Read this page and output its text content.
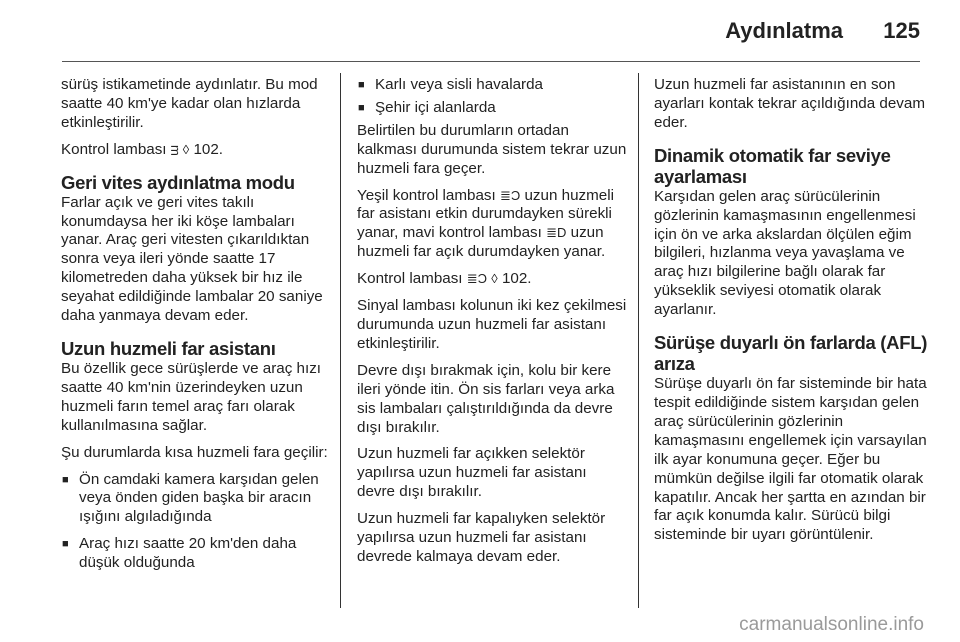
Aydınlatma 125

sürüş istikametinde aydınlatır. Bu mod saatte 40 km'ye kadar olan hızlarda etkinleştirilir.

Kontrol lambası ᴟ ◊ 102.

Geri vites aydınlatma modu

Farlar açık ve geri vites takılı konumdaysa her iki köşe lambaları yanar. Araç geri vitesten çıkarıldıktan sonra veya ileri yönde saatte 17 kilometreden daha yüksek bir hız ile seyahat edildiğinde lambalar 20 saniye daha yanmaya devam eder.

Uzun huzmeli far asistanı

Bu özellik gece sürüşlerde ve araç hızı saatte 40 km'nin üzerindeyken uzun huzmeli farın temel araç farı olarak kullanılmasına sağlar.

Şu durumlarda kısa huzmeli fara geçilir:

■ Ön camdaki kamera karşıdan gelen veya önden giden başka bir aracın ışığını algıladığında
■ Araç hızı saatte 20 km'den daha düşük olduğunda
■ Karlı veya sisli havalarda
■ Şehir içi alanlarda

Belirtilen bu durumların ortadan kalkması durumunda sistem tekrar uzun huzmeli fara geçer.

Yeşil kontrol lambası ≣Ͻ uzun huzmeli far asistanı etkin durumdayken sürekli yanar, mavi kontrol lambası ≣D uzun huzmeli far açık durumdayken yanar.

Kontrol lambası ≣Ͻ ◊ 102.

Sinyal lambası kolunun iki kez çekilmesi durumunda uzun huzmeli far asistanı etkinleştirilir.

Devre dışı bırakmak için, kolu bir kere ileri yönde itin. Ön sis farları veya arka sis lambaları çalıştırıldığında da devre dışı bırakılır.

Uzun huzmeli far açıkken selektör yapılırsa uzun huzmeli far asistanı devre dışı bırakılır.

Uzun huzmeli far kapalıyken selektör yapılırsa uzun huzmeli far asistanı devrede kalmaya devam eder.

Uzun huzmeli far asistanının en son ayarları kontak tekrar açıldığında devam eder.

Dinamik otomatik far seviye ayarlaması

Karşıdan gelen araç sürücülerinin gözlerinin kamaşmasının engellenmesi için ön ve arka akslardan ölçülen eğim bilgileri, hızlanma veya yavaşlama ve araç hızı bilgilerine bağlı olarak far yükseklik seviyesi otomatik olarak ayarlanır.

Sürüşe duyarlı ön farlarda (AFL) arıza

Sürüşe duyarlı ön far sisteminde bir hata tespit edildiğinde sistem karşıdan gelen araç sürücülerinin gözlerinin kamaşmasını engellemek için varsayılan ilk ayar konumuna geçer. Eğer bu mümkün değilse ilgili far otomatik olarak kapatılır. Ancak her şartta en azından bir far açık konumda kalır. Sürücü bilgi sisteminde bir uyarı görüntülenir.

carmanualsonline.info
